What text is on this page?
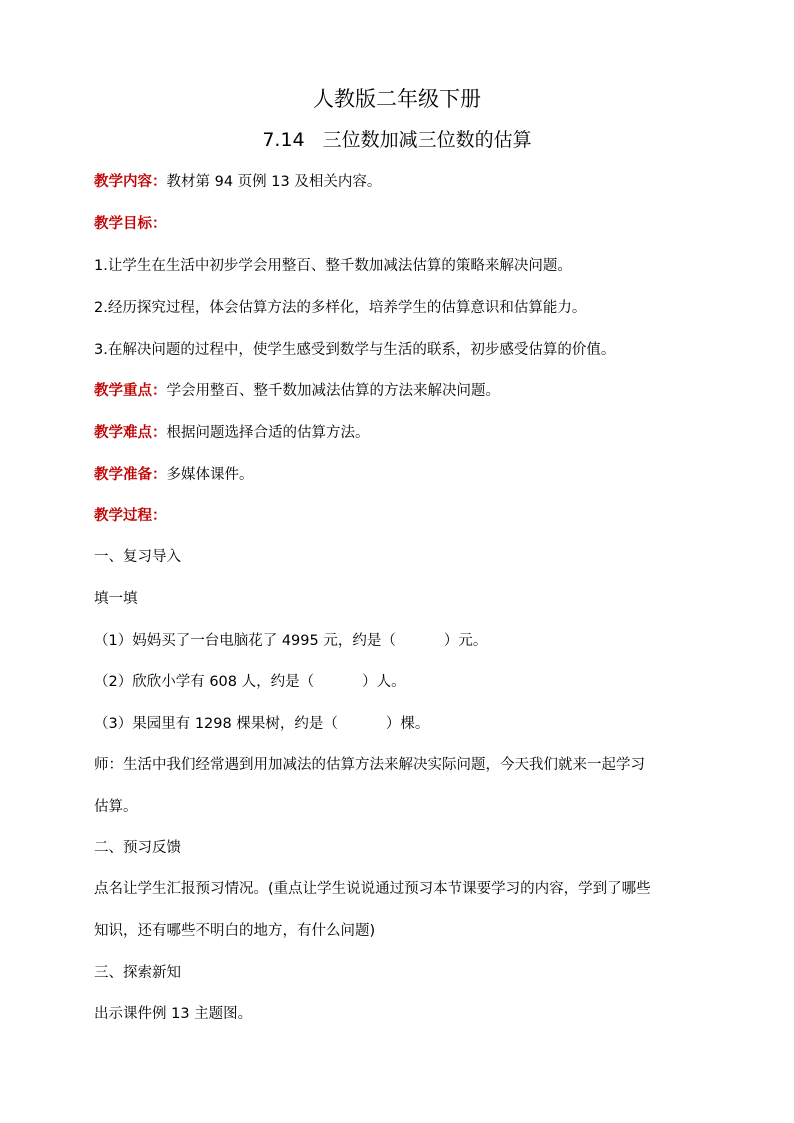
人教版二年级下册
7.14 三位数加减三位数的估算
教学内容：教材第 94 页例 13 及相关内容。
教学目标：
1.让学生在生活中初步学会用整百、整千数加减法估算的策略来解决问题。
2.经历探究过程，体会估算方法的多样化，培养学生的估算意识和估算能力。
3.在解决问题的过程中，使学生感受到数学与生活的联系，初步感受估算的价值。
教学重点：学会用整百、整千数加减法估算的方法来解决问题。
教学难点：根据问题选择合适的估算方法。
教学准备：多媒体课件。
教学过程：
一、复习导入
填一填
（1）妈妈买了一台电脑花了 4995 元，约是（	）元。
（2）欣欣小学有 608 人，约是（	）人。
（3）果园里有 1298 棵果树，约是（	）棵。
师：生活中我们经常遇到用加减法的估算方法来解决实际问题，今天我们就来一起学习
估算。
二、预习反馈
点名让学生汇报预习情况。(重点让学生说说通过预习本节课要学习的内容，学到了哪些
知识，还有哪些不明白的地方，有什么问题)
三、探索新知
出示课件例 13 主题图。
